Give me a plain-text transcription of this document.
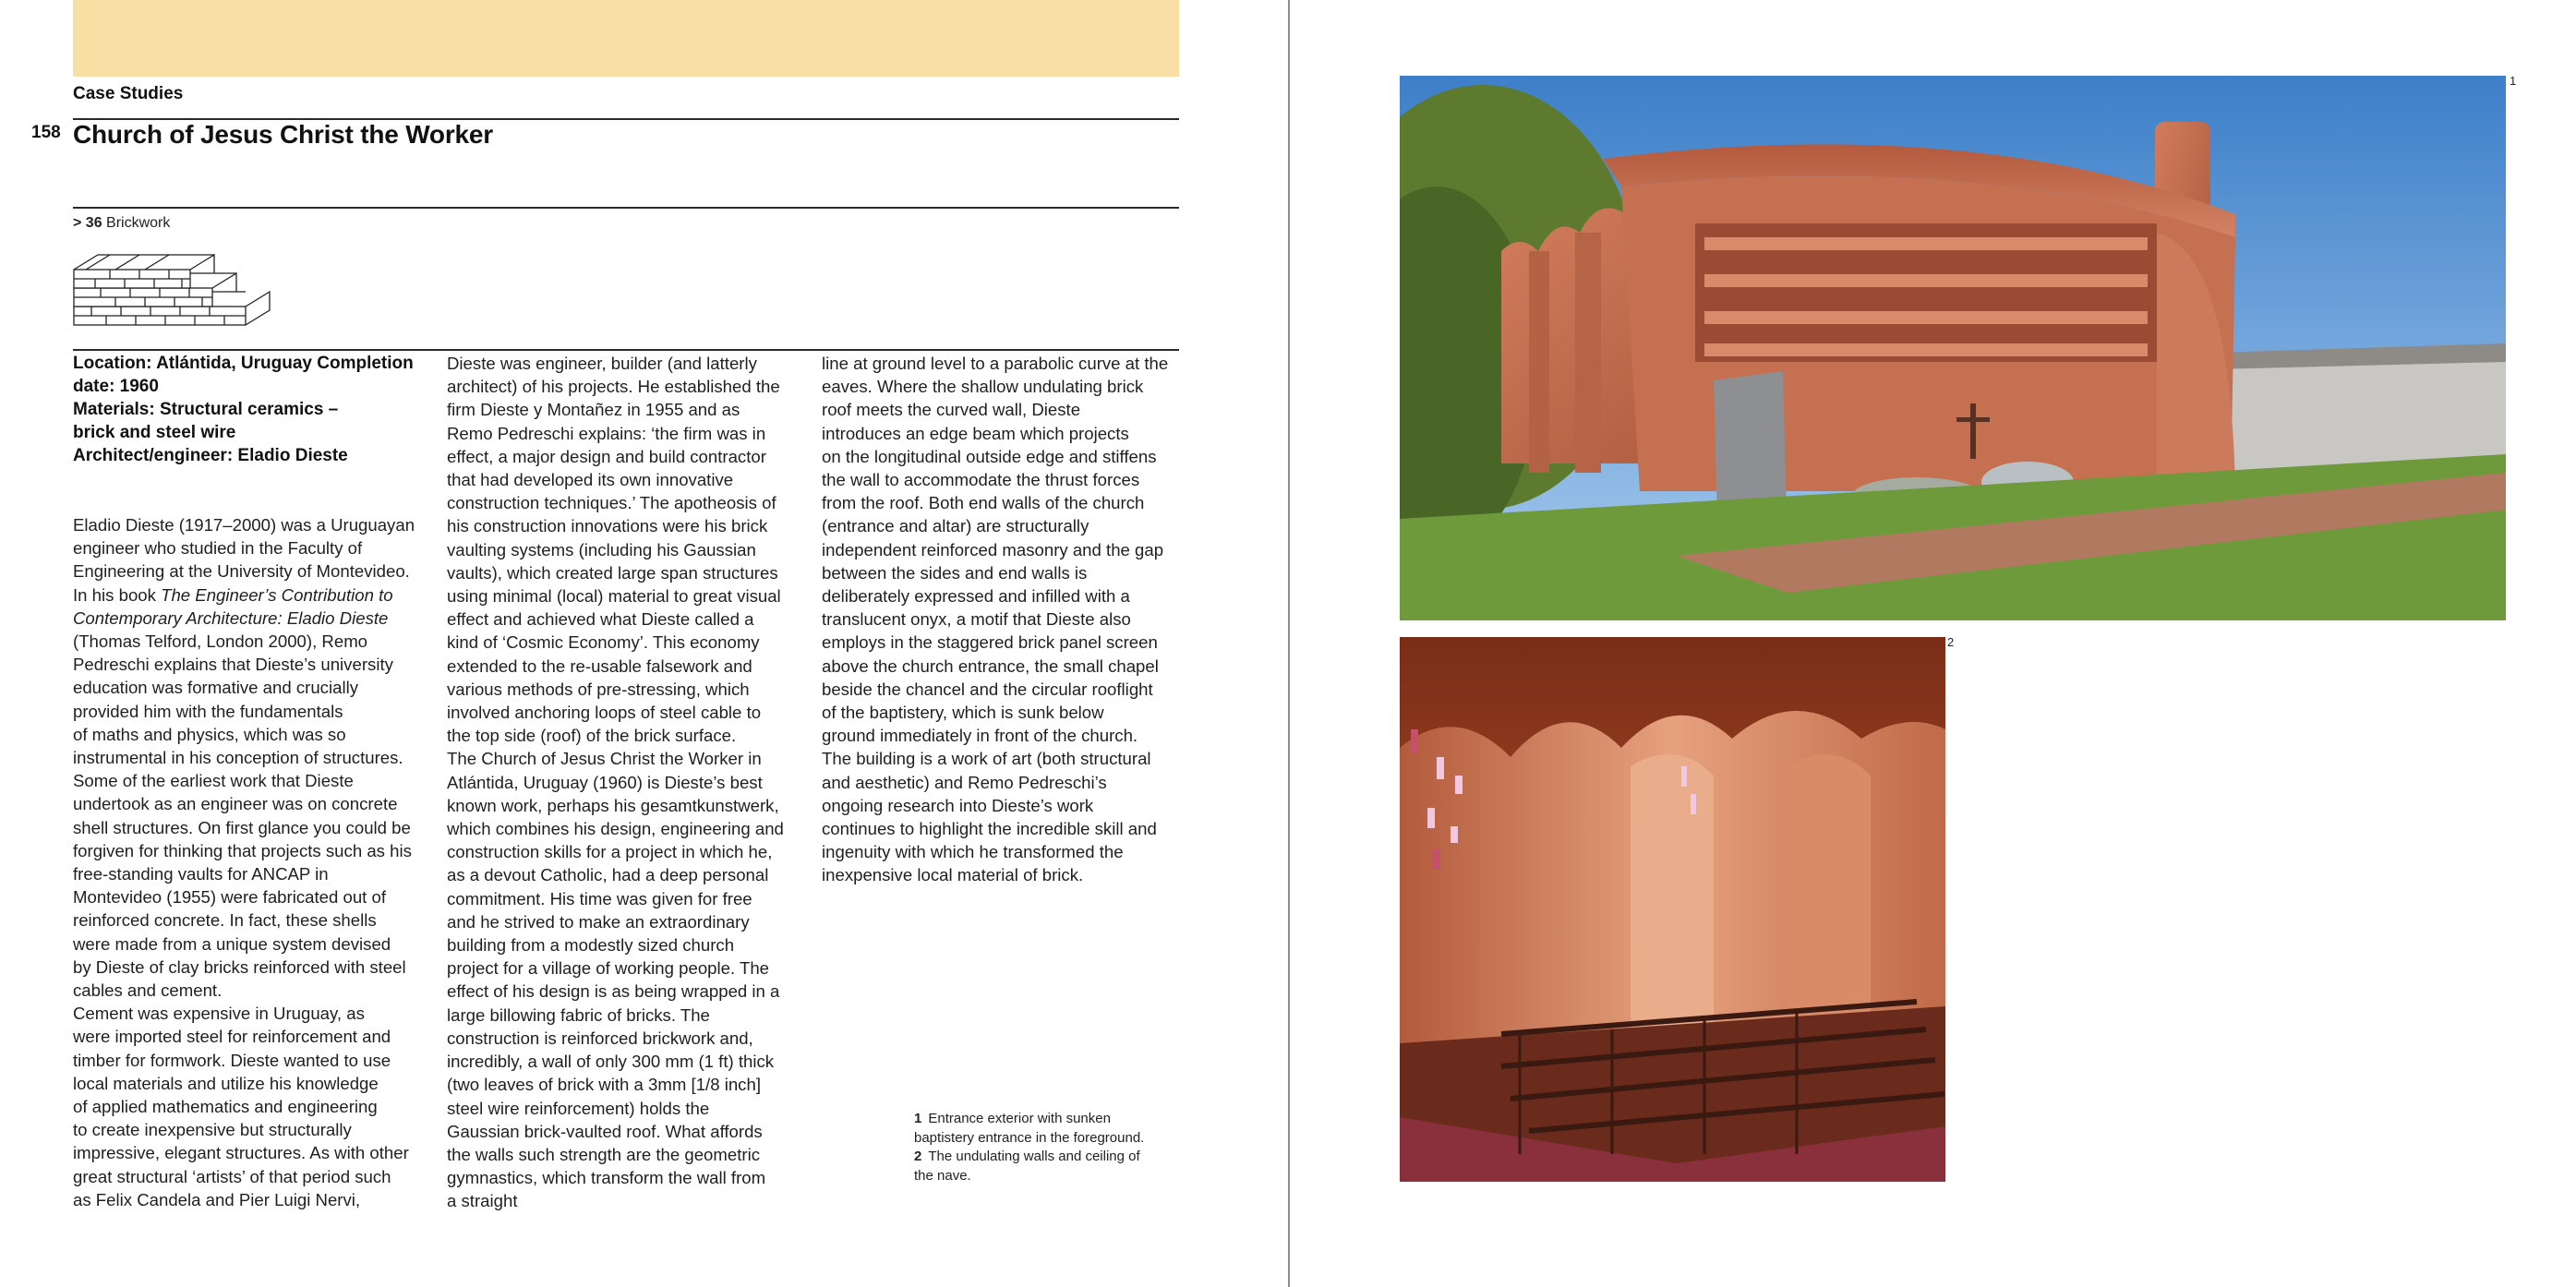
Case Studies
158 Church of Jesus Christ the Worker
> 36 Brickwork
Location: Atlántida, Uruguay Completion
date: 1960
Materials: Structural ceramics –
brick and steel wire
Architect/engineer: Eladio Dieste
Eladio Dieste (1917–2000) was a Uruguayan
engineer who studied in the Faculty of
Engineering at the University of Montevideo.
In his book The Engineer’s Contribution to
Contemporary Architecture: Eladio Dieste
(Thomas Telford, London 2000), Remo
Pedreschi explains that Dieste’s university
education was formative and crucially
provided him with the fundamentals
of maths and physics, which was so
instrumental in his conception of structures.
Some of the earliest work that Dieste
undertook as an engineer was on concrete
shell structures. On first glance you could be
forgiven for thinking that projects such as his
free-standing vaults for ANCAP in
Montevideo (1955) were fabricated out of
reinforced concrete. In fact, these shells
were made from a unique system devised
by Dieste of clay bricks reinforced with steel
cables and cement.
Cement was expensive in Uruguay, as
were imported steel for reinforcement and
timber for formwork. Dieste wanted to use
local materials and utilize his knowledge
of applied mathematics and engineering
to create inexpensive but structurally
impressive, elegant structures. As with other
great structural ‘artists’ of that period such
as Felix Candela and Pier Luigi Nervi,
Dieste was engineer, builder (and latterly
architect) of his projects. He established the
firm Dieste y Montañez in 1955 and as
Remo Pedreschi explains: ‘the firm was in
effect, a major design and build contractor
that had developed its own innovative
construction techniques.’ The apotheosis of
his construction innovations were his brick
vaulting systems (including his Gaussian
vaults), which created large span structures
using minimal (local) material to great visual
effect and achieved what Dieste called a
kind of ‘Cosmic Economy’. This economy
extended to the re-usable falsework and
various methods of pre-stressing, which
involved anchoring loops of steel cable to
the top side (roof) of the brick surface.
The Church of Jesus Christ the Worker in
Atlántida, Uruguay (1960) is Dieste’s best
known work, perhaps his gesamtkunstwerk,
which combines his design, engineering and
construction skills for a project in which he,
as a devout Catholic, had a deep personal
commitment. His time was given for free
and he strived to make an extraordinary
building from a modestly sized church
project for a village of working people. The
effect of his design is as being wrapped in a
large billowing fabric of bricks. The
construction is reinforced brickwork and,
incredibly, a wall of only 300 mm (1 ft) thick
(two leaves of brick with a 3mm [1/8 inch]
steel wire reinforcement) holds the
Gaussian brick-vaulted roof. What affords
the walls such strength are the geometric
gymnastics, which transform the wall from
a straight
line at ground level to a parabolic curve at the
eaves. Where the shallow undulating brick
roof meets the curved wall, Dieste
introduces an edge beam which projects
on the longitudinal outside edge and stiffens
the wall to accommodate the thrust forces
from the roof. Both end walls of the church
(entrance and altar) are structurally
independent reinforced masonry and the gap
between the sides and end walls is
deliberately expressed and infilled with a
translucent onyx, a motif that Dieste also
employs in the staggered brick panel screen
above the church entrance, the small chapel
beside the chancel and the circular rooflight
of the baptistery, which is sunk below
ground immediately in front of the church.
The building is a work of art (both structural
and aesthetic) and Remo Pedreschi’s
ongoing research into Dieste’s work
continues to highlight the incredible skill and
ingenuity with which he transformed the
inexpensive local material of brick.
1 Entrance exterior with sunken
baptistery entrance in the foreground.
2 The undulating walls and ceiling of
the nave.
1
2
